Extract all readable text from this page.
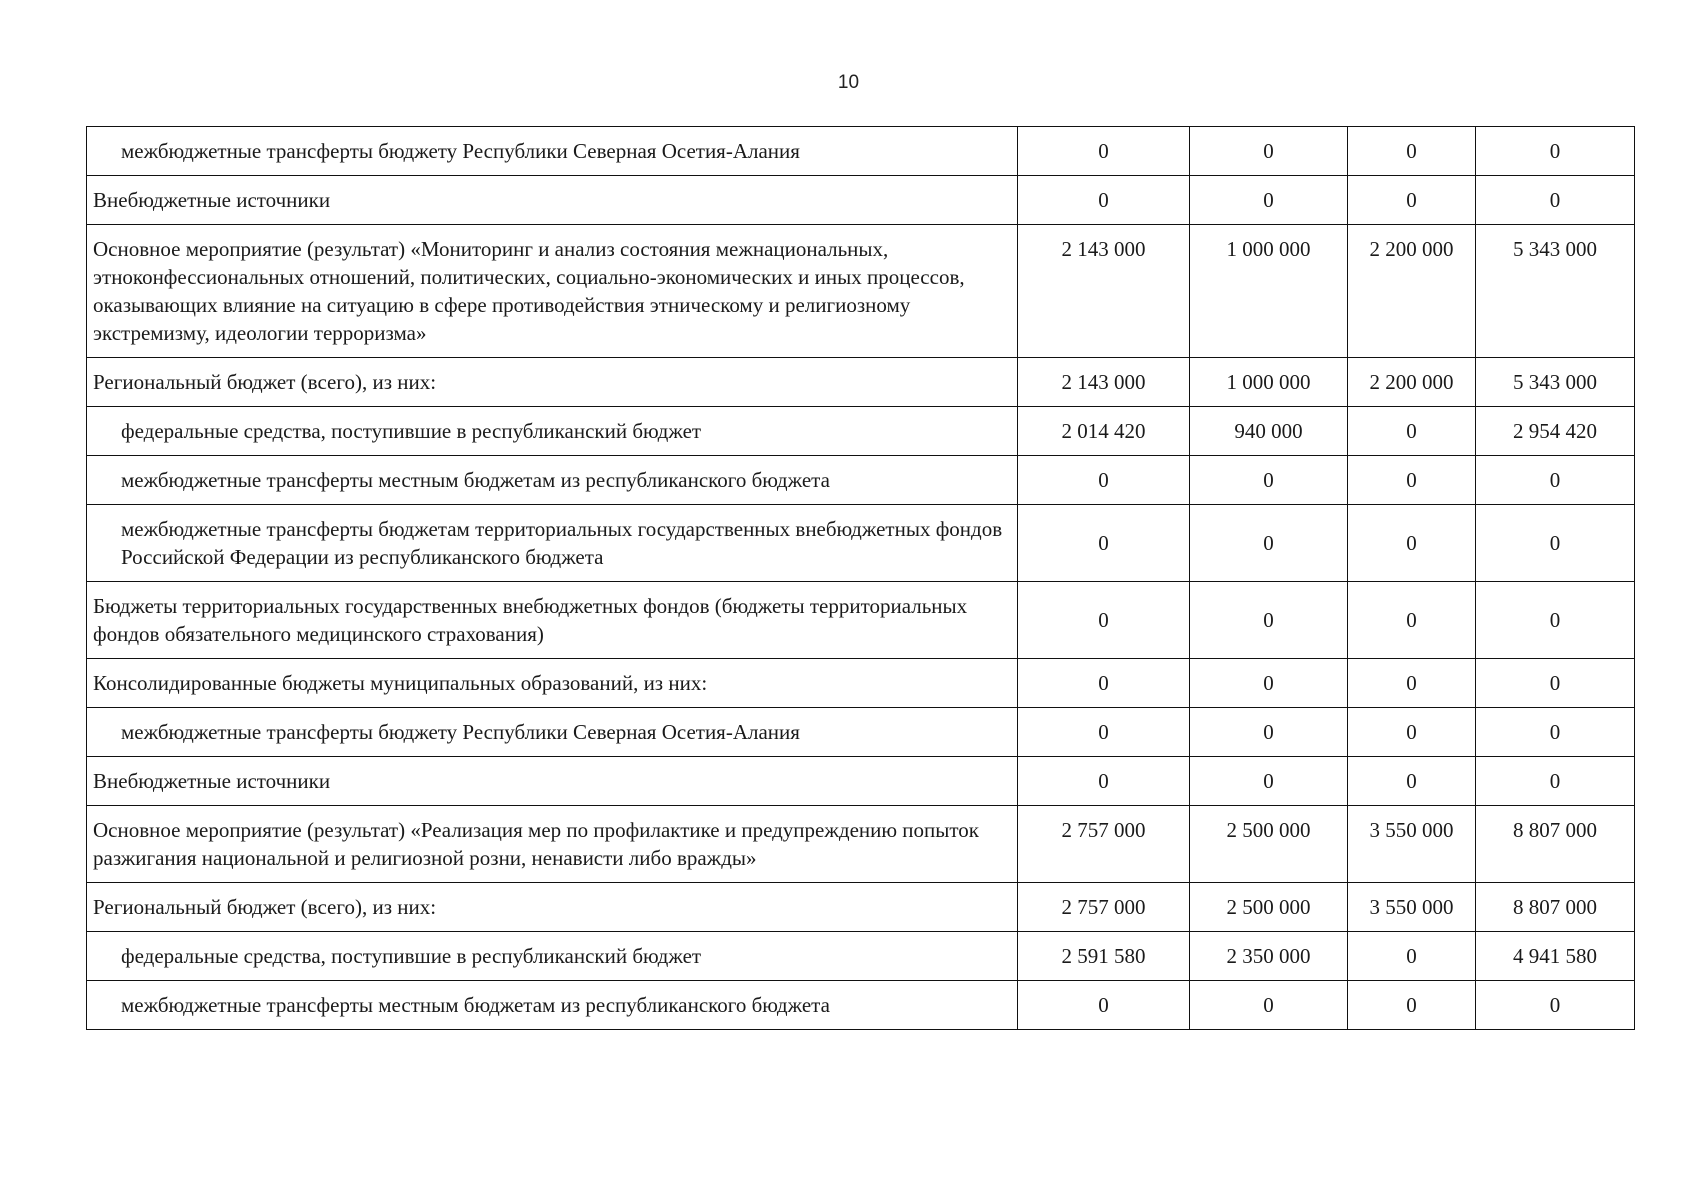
10
межбюджетные трансферты бюджету Республики Северная Осетия-Алания	0	0	0	0
Внебюджетные источники	0	0	0	0
Основное мероприятие (результат) «Мониторинг и анализ состояния межнациональных, этноконфессиональных отношений, политических, социально-экономических и иных процессов, оказывающих влияние на ситуацию в сфере противодействия этническому и религиозному экстремизму, идеологии терроризма»	2 143 000	1 000 000	2 200 000	5 343 000
Региональный бюджет (всего), из них:	2 143 000	1 000 000	2 200 000	5 343 000
федеральные средства, поступившие в республиканский бюджет	2 014 420	940 000	0	2 954 420
межбюджетные трансферты местным бюджетам из республиканского бюджета	0	0	0	0
межбюджетные трансферты бюджетам территориальных государственных внебюджетных фондов Российской Федерации из республиканского бюджета	0	0	0	0
Бюджеты территориальных государственных внебюджетных фондов (бюджеты территориальных фондов обязательного медицинского страхования)	0	0	0	0
Консолидированные бюджеты муниципальных образований, из них:	0	0	0	0
межбюджетные трансферты бюджету Республики Северная Осетия-Алания	0	0	0	0
Внебюджетные источники	0	0	0	0
Основное мероприятие (результат) «Реализация мер по профилактике и предупреждению попыток разжигания национальной и религиозной розни, ненависти либо вражды»	2 757 000	2 500 000	3 550 000	8 807 000
Региональный бюджет (всего), из них:	2 757 000	2 500 000	3 550 000	8 807 000
федеральные средства, поступившие в республиканский бюджет	2 591 580	2 350 000	0	4 941 580
межбюджетные трансферты местным бюджетам из республиканского бюджета	0	0	0	0
